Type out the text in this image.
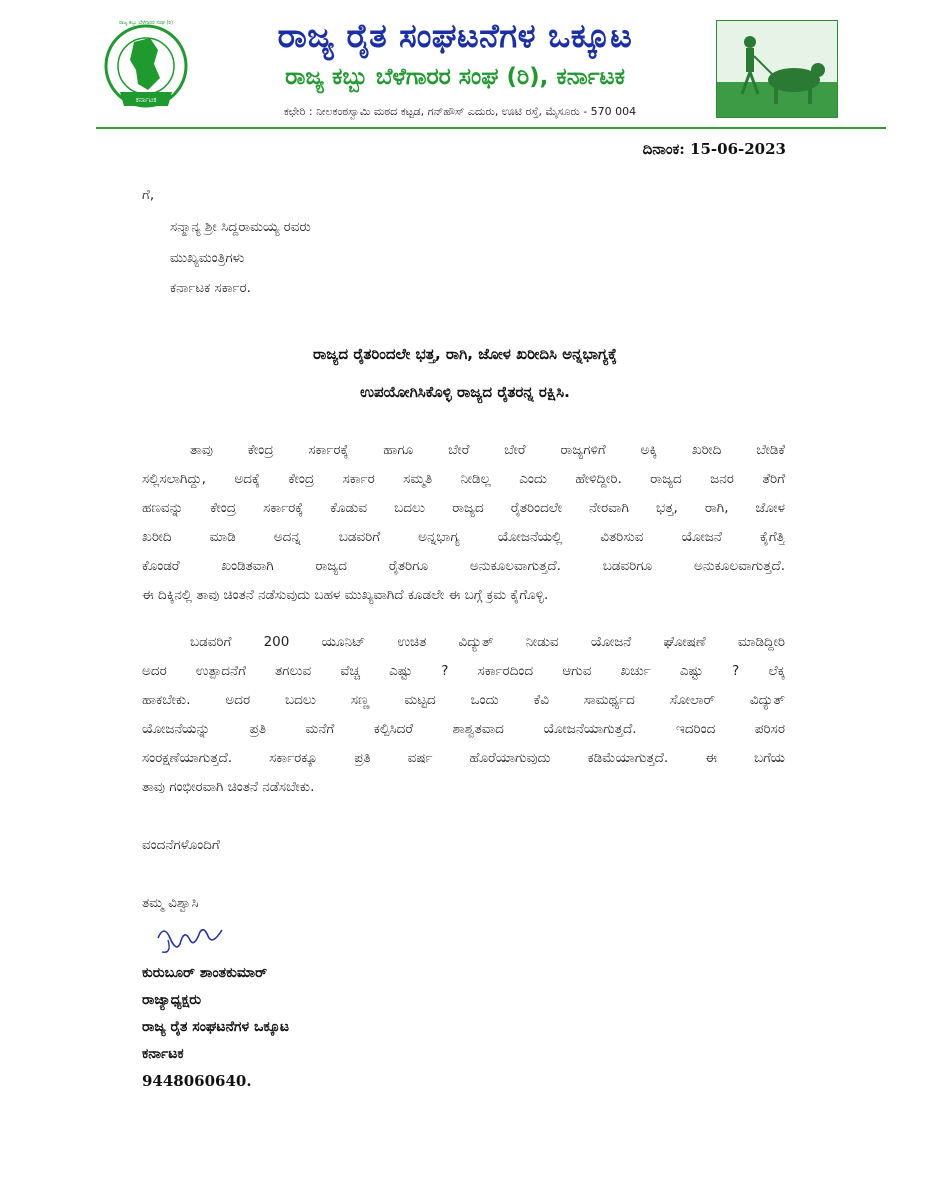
ಕರ್ನಾಟಕ
ರಾಜ್ಯ ಕಬ್ಬು ಬೆಳೆಗಾರರ ಸಂಘ (ರಿ)	ರಾಜ್ಯ ರೈತ ಸಂಘಟನೆಗಳ ಒಕ್ಕೂಟ
ರಾಜ್ಯ ಕಬ್ಬು ಬೆಳೆಗಾರರ ಸಂಘ (ರಿ), ಕರ್ನಾಟಕ
ಕಛೇರಿ : ನೀಲಕಂಠಸ್ವಾಮಿ ಮಠದ ಕಟ್ಟಡ, ಗನ್‌ಹೌಸ್ ಎದುರು, ಊಟಿ ರಸ್ತೆ, ಮೈಸೂರು - 570 004
ದಿನಾಂಕ: 15-06-2023
ಗೆ,
ಸನ್ಮಾನ್ಯ ಶ್ರೀ ಸಿದ್ದರಾಮಯ್ಯ ರವರು
ಮುಖ್ಯಮಂತ್ರಿಗಳು
ಕರ್ನಾಟಕ ಸರ್ಕಾರ.
ರಾಜ್ಯದ ರೈತರಿಂದಲೇ ಭತ್ತ, ರಾಗಿ, ಜೋಳ ಖರೀದಿಸಿ ಅನ್ನಭಾಗ್ಯಕ್ಕೆ
ಉಪಯೋಗಿಸಿಕೊಳ್ಳಿ ರಾಜ್ಯದ ರೈತರನ್ನ ರಕ್ಷಿಸಿ.
ತಾವು ಕೇಂದ್ರ ಸರ್ಕಾರಕ್ಕೆ ಹಾಗೂ ಬೇರೆ ಬೇರೆ ರಾಜ್ಯಗಳಿಗೆ ಅಕ್ಕಿ ಖರೀದಿ ಬೇಡಿಕೆ
ಸಲ್ಲಿಸಲಾಗಿದ್ದು, ಅದಕ್ಕೆ ಕೇಂದ್ರ ಸರ್ಕಾರ ಸಮ್ಮತಿ ನೀಡಿಲ್ಲ ಎಂದು ಹೇಳಿದ್ದೀರಿ. ರಾಜ್ಯದ ಜನರ ತೆರಿಗೆ
ಹಣವನ್ನು ಕೇಂದ್ರ ಸರ್ಕಾರಕ್ಕೆ ಕೊಡುವ ಬದಲು ರಾಜ್ಯದ ರೈತರಿಂದಲೇ ನೇರವಾಗಿ ಭತ್ತ, ರಾಗಿ, ಜೋಳ
ಖರೀದಿ ಮಾಡಿ ಅದನ್ನ ಬಡವರಿಗೆ ಅನ್ನಭಾಗ್ಯ ಯೋಜನೆಯಲ್ಲಿ ವಿತರಿಸುವ ಯೋಜನೆ ಕೈಗೆತ್ತಿ
ಕೊಂಡರೆ ಖಂಡಿತವಾಗಿ ರಾಜ್ಯದ ರೈತರಿಗೂ ಅನುಕೂಲವಾಗುತ್ತದೆ. ಬಡವರಿಗೂ ಅನುಕೂಲವಾಗುತ್ತದೆ.
ಈ ದಿಕ್ಕಿನಲ್ಲಿ ತಾವು ಚಿಂತನೆ ನಡೆಸುವುದು ಬಹಳ ಮುಖ್ಯವಾಗಿದೆ ಕೂಡಲೇ ಈ ಬಗ್ಗೆ ಕ್ರಮ ಕೈಗೊಳ್ಳಿ.
ಬಡವರಿಗೆ 200 ಯೂನಿಟ್ ಉಚಿತ ವಿದ್ಯುತ್ ನೀಡುವ ಯೋಜನೆ ಘೋಷಣೆ ಮಾಡಿದ್ದೀರಿ
ಅದರ ಉತ್ಪಾದನೆಗೆ ತಗಲುವ ವೆಚ್ಚ ಎಷ್ಟು ? ಸರ್ಕಾರದಿಂದ ಆಗುವ ಖರ್ಚು ಎಷ್ಟು ? ಲೆಕ್ಕ
ಹಾಕಬೇಕು. ಅದರ ಬದಲು ಸಣ್ಣ ಮಟ್ಟದ ಒಂದು ಕೆವಿ ಸಾಮರ್ಥ್ಯದ ಸೋಲಾರ್ ವಿದ್ಯುತ್
ಯೋಜನೆಯನ್ನು ಪ್ರತಿ ಮನೆಗೆ ಕಲ್ಪಿಸಿದರೆ ಶಾಶ್ವತವಾದ ಯೋಜನೆಯಾಗುತ್ತದೆ. ಇದರಿಂದ ಪರಿಸರ
ಸಂರಕ್ಷಣೆಯಾಗುತ್ತದೆ. ಸರ್ಕಾರಕ್ಕೂ ಪ್ರತಿ ವರ್ಷ ಹೊರೆಯಾಗುವುದು ಕಡಿಮೆಯಾಗುತ್ತದೆ. ಈ ಬಗೆಯ
ತಾವು ಗಂಭೀರವಾಗಿ ಚಿಂತನೆ ನಡೆಸಬೇಕು.
ವಂದನೆಗಳೊಂದಿಗೆ
ತಮ್ಮ ವಿಶ್ವಾಸಿ
ಕುರುಬೂರ್ ಶಾಂತಕುಮಾರ್
ರಾಜ್ಯಾಧ್ಯಕ್ಷರು
ರಾಜ್ಯ ರೈತ ಸಂಘಟನೆಗಳ ಒಕ್ಕೂಟ
ಕರ್ನಾಟಕ
9448060640.
